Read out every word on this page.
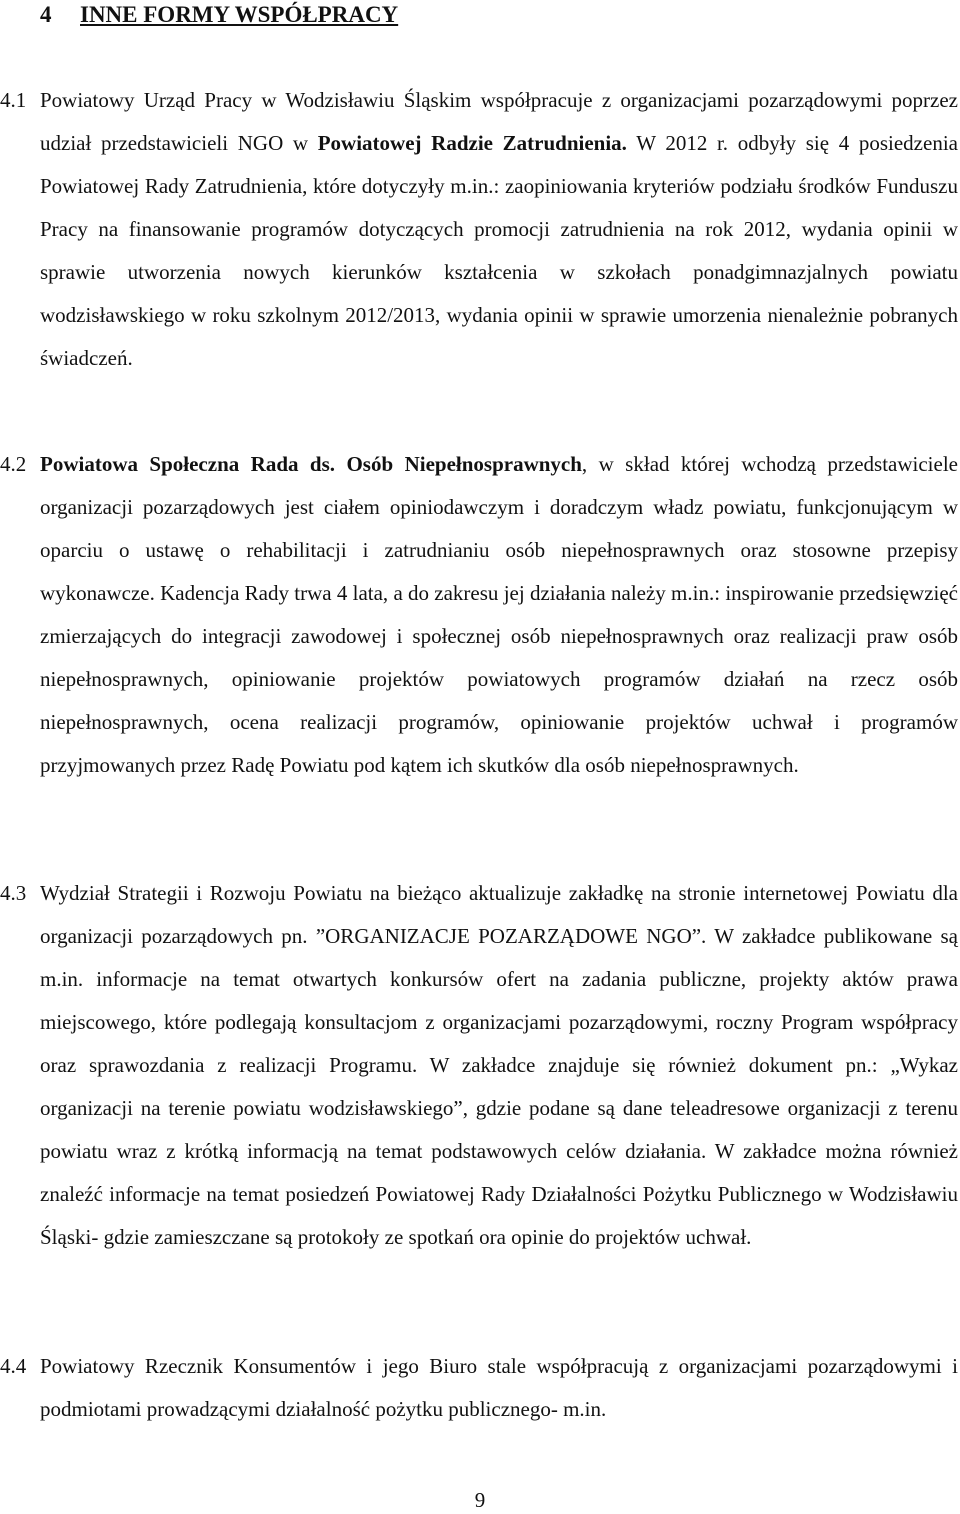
4 INNE FORMY WSPÓŁPRACY
4.1 Powiatowy Urząd Pracy w Wodzisławiu Śląskim współpracuje z organizacjami pozarządowymi poprzez udział przedstawicieli NGO w Powiatowej Radzie Zatrudnienia. W 2012 r. odbyły się 4 posiedzenia Powiatowej Rady Zatrudnienia, które dotyczyły m.in.: zaopiniowania kryteriów podziału środków Funduszu Pracy na finansowanie programów dotyczących promocji zatrudnienia na rok 2012, wydania opinii w sprawie utworzenia nowych kierunków kształcenia w szkołach ponadgimnazjalnych powiatu wodzisławskiego w roku szkolnym 2012/2013, wydania opinii w sprawie umorzenia nienależnie pobranych świadczeń.
4.2 Powiatowa Społeczna Rada ds. Osób Niepełnosprawnych, w skład której wchodzą przedstawiciele organizacji pozarządowych jest ciałem opiniodawczym i doradczym władz powiatu, funkcjonującym w oparciu o ustawę o rehabilitacji i zatrudnianiu osób niepełnosprawnych oraz stosowne przepisy wykonawcze. Kadencja Rady trwa 4 lata, a do zakresu jej działania należy m.in.: inspirowanie przedsięwzięć zmierzających do integracji zawodowej i społecznej osób niepełnosprawnych oraz realizacji praw osób niepełnosprawnych, opiniowanie projektów powiatowych programów działań na rzecz osób niepełnosprawnych, ocena realizacji programów, opiniowanie projektów uchwał i programów przyjmowanych przez Radę Powiatu pod kątem ich skutków dla osób niepełnosprawnych.
4.3 Wydział Strategii i Rozwoju Powiatu na bieżąco aktualizuje zakładkę na stronie internetowej Powiatu dla organizacji pozarządowych pn. ”ORGANIZACJE POZARZĄDOWE NGO”. W zakładce publikowane są m.in. informacje na temat otwartych konkursów ofert na zadania publiczne, projekty aktów prawa miejscowego, które podlegają konsultacjom z organizacjami pozarządowymi, roczny Program współpracy oraz sprawozdania z realizacji Programu. W zakładce znajduje się również dokument pn.: „Wykaz organizacji na terenie powiatu wodzisławskiego”, gdzie podane są dane teleadresowe organizacji z terenu powiatu wraz z krótką informacją na temat podstawowych celów działania. W zakładce można również znaleźć informacje na temat posiedzeń Powiatowej Rady Działalności Pożytku Publicznego w Wodzisławiu Śląski- gdzie zamieszczane są protokoły ze spotkań ora opinie do projektów uchwał.
4.4 Powiatowy Rzecznik Konsumentów i jego Biuro stale współpracują z organizacjami pozarządowymi i podmiotami prowadzącymi działalność pożytku publicznego- m.in.
9
